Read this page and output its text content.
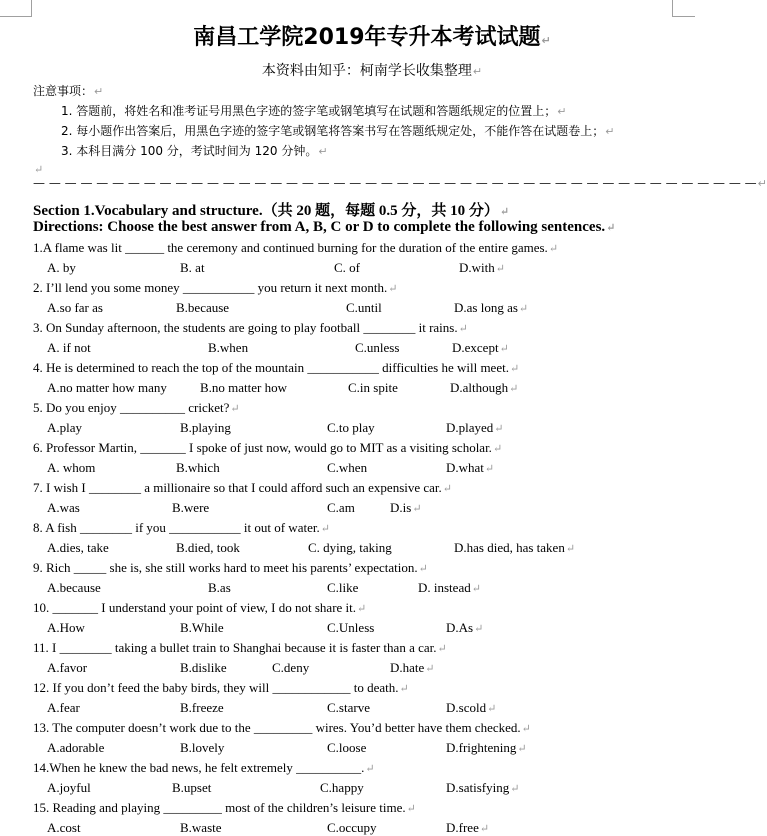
南昌工学院2019年专升本考试试题↵
本资料由知乎：柯南学长收集整理↵
注意事项：↵
1. 答题前，将姓名和准考证号用黑色字迹的签字笔或钢笔填写在试题和答题纸规定的位置上；↵
2. 每小题作出答案后，用黑色字迹的签字笔或钢笔将答案书写在答题纸规定处，不能作答在试题卷上；↵
3. 本科目满分 100 分，考试时间为 120 分钟。↵
↵
— — — — — — — — — — — — — — — — — — — — — — — — — — — — — — — — — — — — — — — — — — — — — —↵
Section 1.Vocabulary and structure.（共 20 题，每题 0.5 分，共 10 分）↵
Directions: Choose the best answer from A, B, C or D to complete the following sentences.↵
1.A flame was lit ______ the ceremony and continued burning for the duration of the entire games.↵
A. by	B. at	C. of	D.with↵
2. I’ll lend you some money ___________ you return it next month.↵
A.so far as	B.because	C.until	D.as long as↵
3. On Sunday afternoon, the students are going to play football ________ it rains.↵
A. if not	B.when	C.unless	D.except↵
4. He is determined to reach the top of the mountain ___________ difficulties he will meet.↵
A.no matter how many	B.no matter how	C.in spite	D.although↵
5. Do you enjoy __________ cricket?↵
A.play	B.playing	C.to play	D.played↵
6. Professor Martin, _______ I spoke of just now, would go to MIT as a visiting scholar.↵
A. whom	B.which	C.when	D.what↵
7. I wish I ________ a millionaire so that I could afford such an expensive car.↵
A.was	B.were	C.am	D.is↵
8. A fish ________ if you ___________ it out of water.↵
A.dies, take	B.died, took	C. dying, taking	D.has died, has taken↵
9. Rich _____ she is, she still works hard to meet his parents’ expectation.↵
A.because	B.as	C.like	D. instead↵
10. _______ I understand your point of view, I do not share it.↵
A.How	B.While	C.Unless	D.As↵
11. I ________ taking a bullet train to Shanghai because it is faster than a car.↵
A.favor	B.dislike	C.deny	D.hate↵
12. If you don’t feed the baby birds, they will ____________ to death.↵
A.fear	B.freeze	C.starve	D.scold↵
13. The computer doesn’t work due to the _________ wires. You’d better have them checked.↵
A.adorable	B.lovely	C.loose	D.frightening↵
14.When he knew the bad news, he felt extremely __________.↵
A.joyful	B.upset	C.happy	D.satisfying↵
15. Reading and playing _________ most of the children’s leisure time.↵
A.cost	B.waste	C.occupy	D.free↵
